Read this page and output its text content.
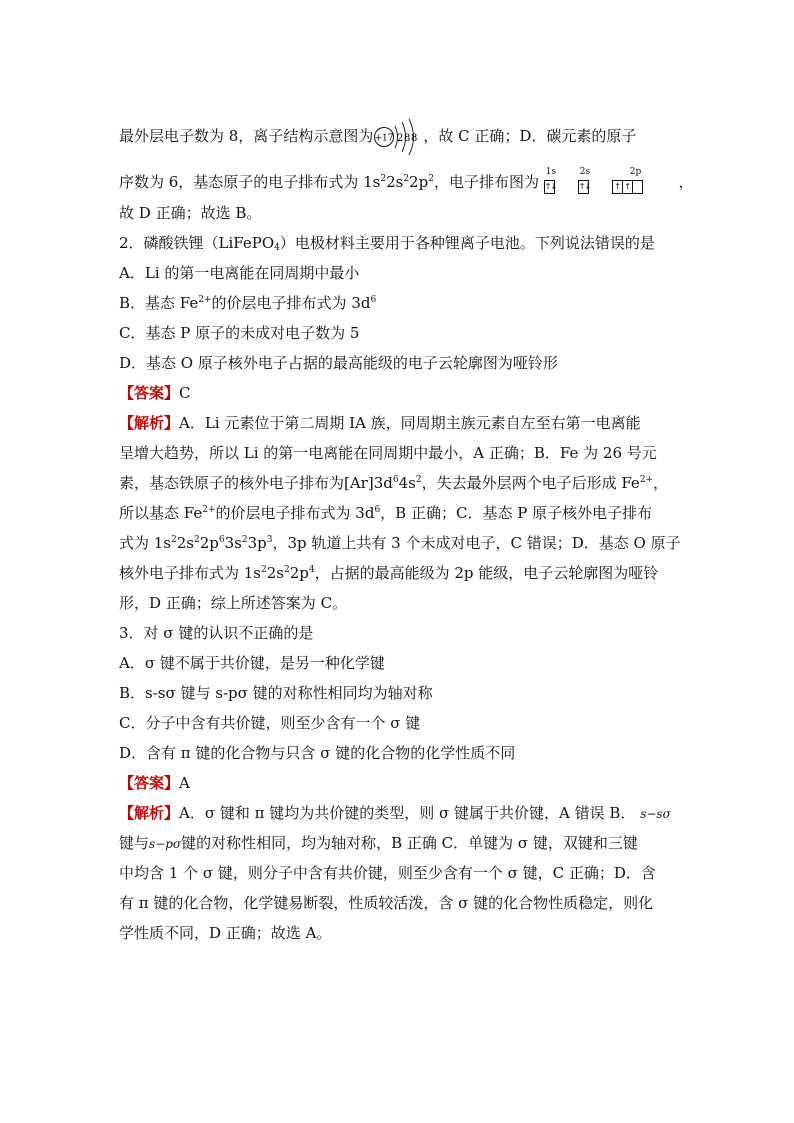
最外层电子数为 8，离子结构示意图为 +17 2 8 8 ，故 C 正确；D．碳元素的原子
序数为 6，基态原子的电子排布式为 $1s^22s^22p^2$，电子排布图为
1s	2s	2p
↑↓	↑↓	↑ ↑	，
故 D 正确；故选 B。
2．磷酸铁锂（LiFePO$_4$）电极材料主要用于各种锂离子电池。下列说法错误的是
A．Li 的第一电离能在同周期中最小
B．基态 $Fe^{2+}$的价层电子排布式为 $3d^6$
C．基态 P 原子的未成对电子数为 5
D．基态 O 原子核外电子占据的最高能级的电子云轮廓图为哑铃形
【答案】C
【解析】A．Li 元素位于第二周期 IA 族，同周期主族元素自左至右第一电离能
呈增大趋势，所以 Li 的第一电离能在同周期中最小，A 正确；B．Fe 为 26 号元
素，基态铁原子的核外电子排布为$[Ar]3d^64s^2$，失去最外层两个电子后形成 $Fe^{2+}$，
所以基态 $Fe^{2+}$的价层电子排布式为 $3d^6$，B 正确；C．基态 P 原子核外电子排布
式为 $1s^22s^22p^63s^23p^3$，3p 轨道上共有 3 个未成对电子，C 错误；D．基态 O 原子
核外电子排布式为 $1s^22s^22p^4$，占据的最高能级为 2p 能级，电子云轮廓图为哑铃
形，D 正确；综上所述答案为 C。
3．对 σ 键的认识不正确的是
A．σ 键不属于共价键，是另一种化学键
B．s-sσ 键与 s-pσ 键的对称性相同均为轴对称
C．分子中含有共价键，则至少含有一个 σ 键
D．含有 π 键的化合物与只含 σ 键的化合物的化学性质不同
【答案】A
【解析】A．σ 键和 π 键均为共价键的类型，则 σ 键属于共价键，A 错误 B． s−sσ
键与s−pσ键的对称性相同，均为轴对称，B 正确 C．单键为 σ 键，双键和三键
中均含 1 个 σ 键，则分子中含有共价键，则至少含有一个 σ 键，C 正确；D．含
有 π 键的化合物，化学键易断裂，性质较活泼，含 σ 键的化合物性质稳定，则化
学性质不同，D 正确；故选 A。
